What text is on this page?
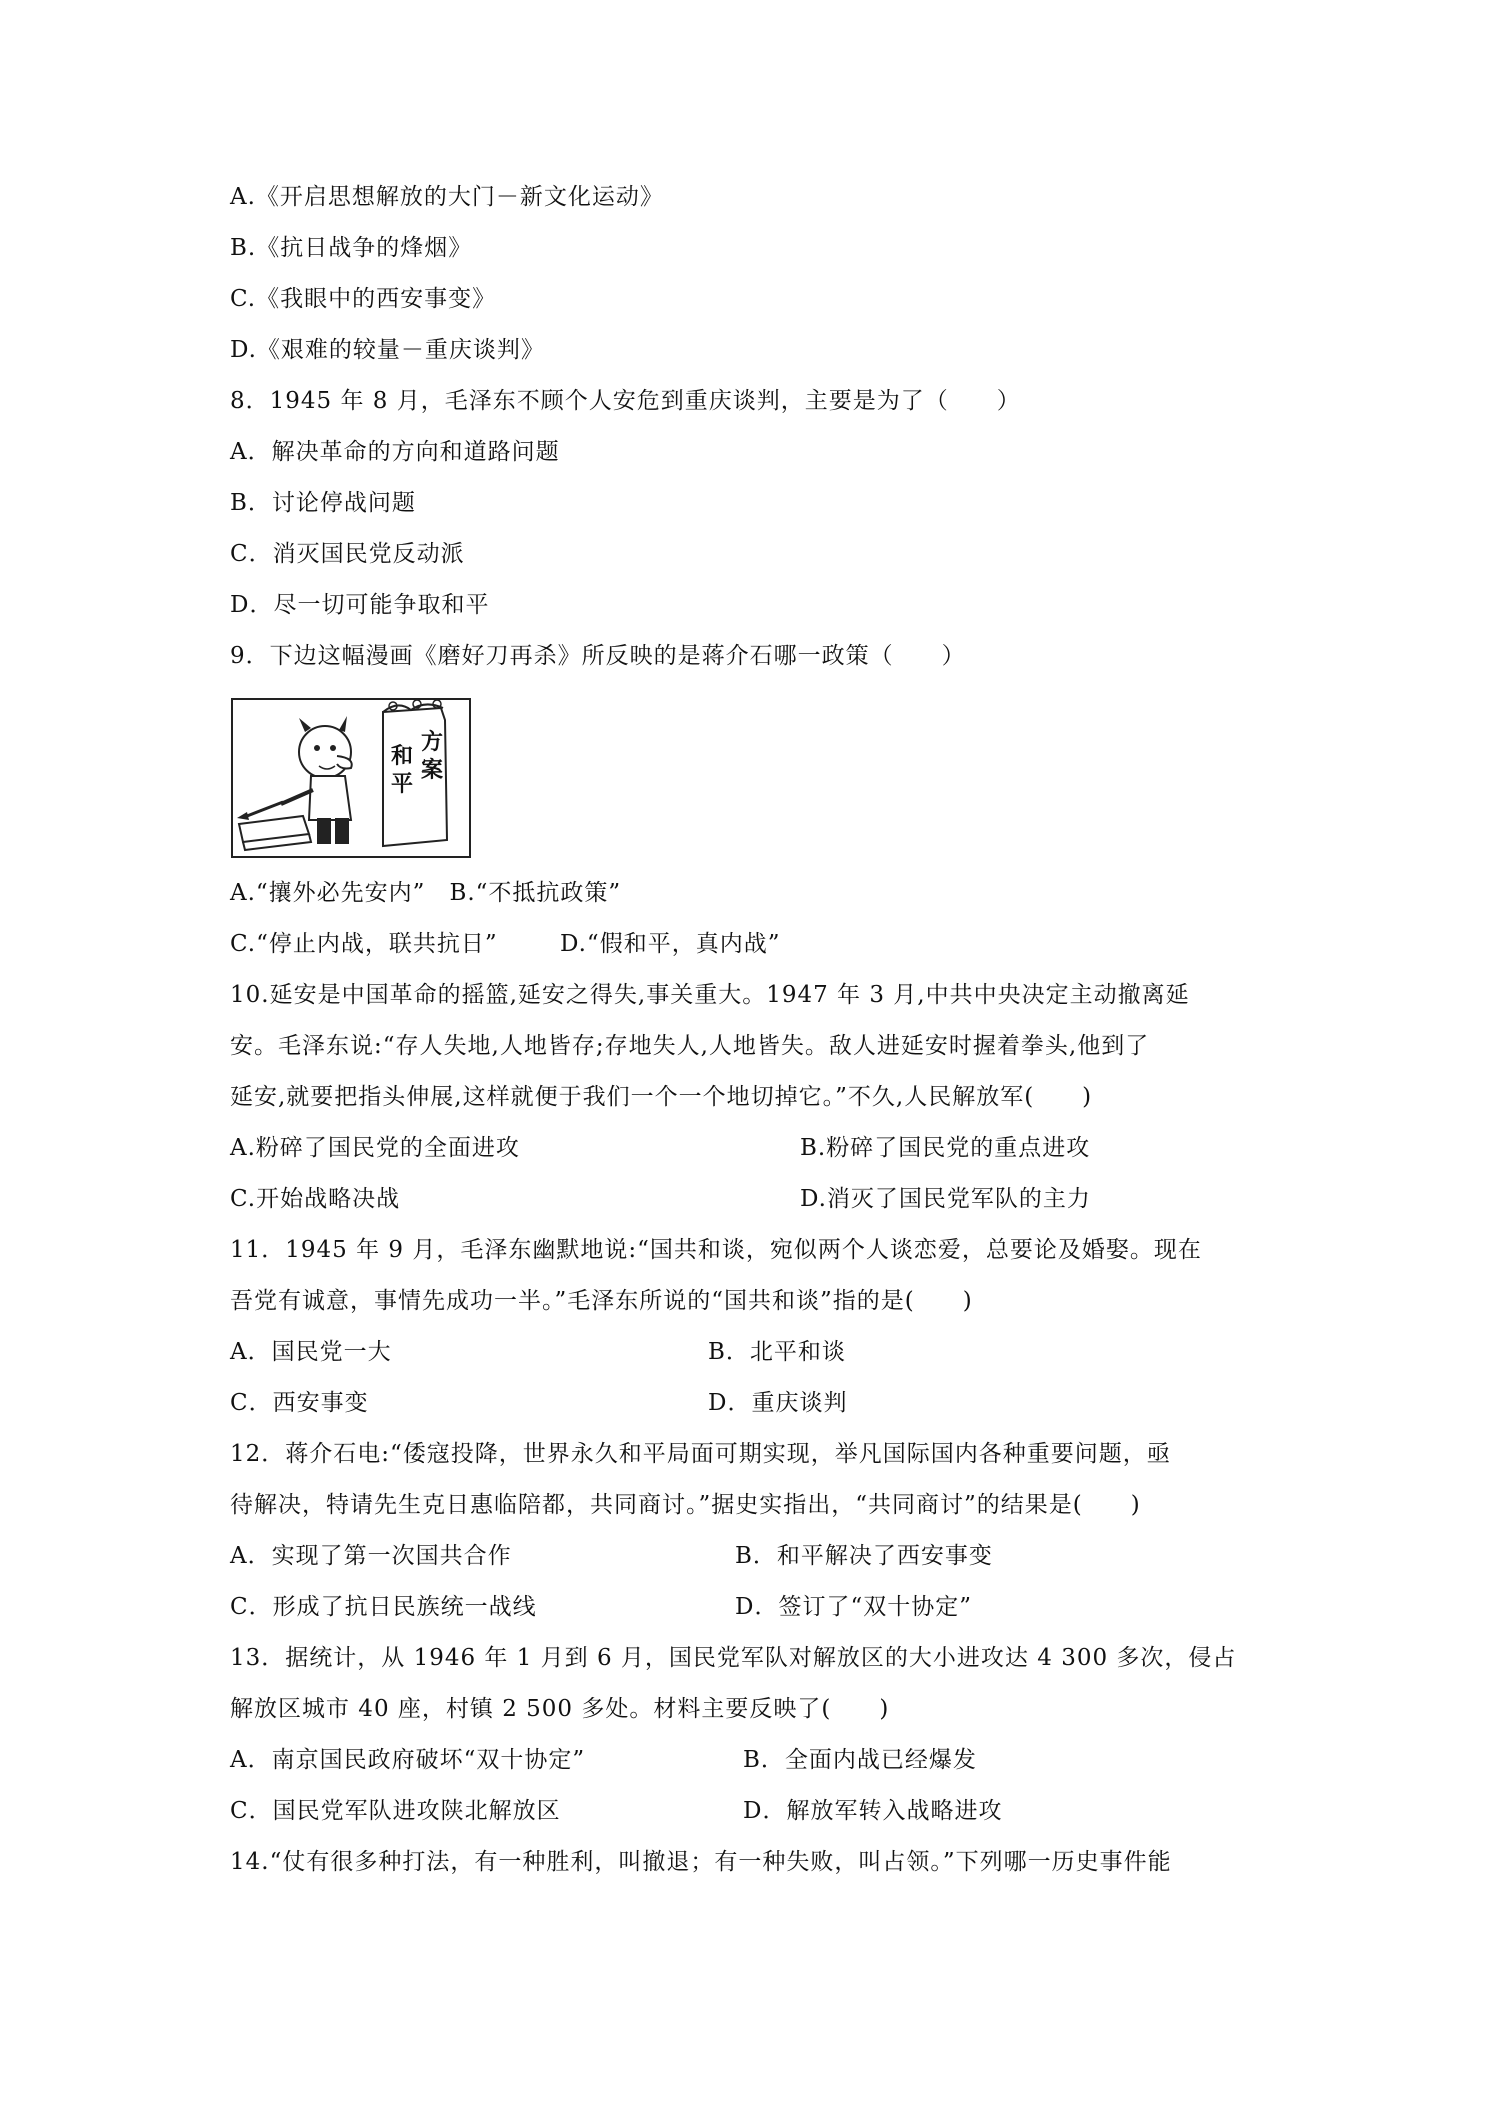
A.《开启思想解放的大门－新文化运动》
B.《抗日战争的烽烟》
C.《我眼中的西安事变》
D.《艰难的较量－重庆谈判》
8．1945 年 8 月，毛泽东不顾个人安危到重庆谈判，主要是为了（　　）
A．解决革命的方向和道路问题
B．讨论停战问题
C．消灭国民党反动派
D．尽一切可能争取和平
9．下边这幅漫画《磨好刀再杀》所反映的是蒋介石哪一政策（　　）
方案
和平
A.“攘外必先安内”　B.“不抵抗政策”
C.“停止内战，联共抗日”	D.“假和平，真内战”
10.延安是中国革命的摇篮,延安之得失,事关重大。1947 年 3 月,中共中央决定主动撤离延
安。毛泽东说:“存人失地,人地皆存;存地失人,人地皆失。敌人进延安时握着拳头,他到了
延安,就要把指头伸展,这样就便于我们一个一个地切掉它。”不久,人民解放军(　　)
A.粉碎了国民党的全面进攻	B.粉碎了国民党的重点进攻
C.开始战略决战	D.消灭了国民党军队的主力
11．1945 年 9 月，毛泽东幽默地说:“国共和谈，宛似两个人谈恋爱，总要论及婚娶。现在
吾党有诚意，事情先成功一半。”毛泽东所说的“国共和谈”指的是(　　)
A．国民党一大	B．北平和谈
C．西安事变	D．重庆谈判
12．蒋介石电:“倭寇投降，世界永久和平局面可期实现，举凡国际国内各种重要问题，亟
待解决，特请先生克日惠临陪都，共同商讨。”据史实指出，“共同商讨”的结果是(　　)
A．实现了第一次国共合作	B．和平解决了西安事变
C．形成了抗日民族统一战线	D．签订了“双十协定”
13．据统计，从 1946 年 1 月到 6 月，国民党军队对解放区的大小进攻达 4 300 多次，侵占
解放区城市 40 座，村镇 2 500 多处。材料主要反映了(　　)
A．南京国民政府破坏“双十协定”	B．全面内战已经爆发
C．国民党军队进攻陕北解放区	D．解放军转入战略进攻
14.“仗有很多种打法，有一种胜利，叫撤退；有一种失败，叫占领。”下列哪一历史事件能
